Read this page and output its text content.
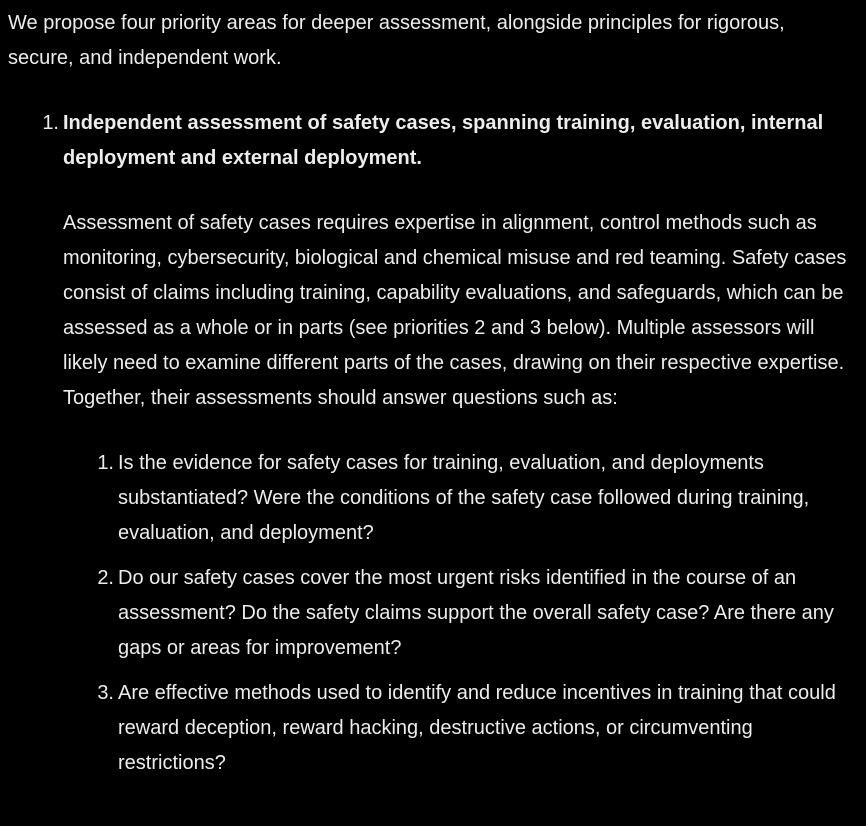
We propose four priority areas for deeper assessment, alongside principles for rigorous, secure, and independent work.

1. Independent assessment of safety cases, spanning training, evaluation, internal deployment and external deployment.

Assessment of safety cases requires expertise in alignment, control methods such as monitoring, cybersecurity, biological and chemical misuse and red teaming. Safety cases consist of claims including training, capability evaluations, and safeguards, which can be assessed as a whole or in parts (see priorities 2 and 3 below). Multiple assessors will likely need to examine different parts of the cases, drawing on their respective expertise. Together, their assessments should answer questions such as:

1. Is the evidence for safety cases for training, evaluation, and deployments substantiated? Were the conditions of the safety case followed during training, evaluation, and deployment?
2. Do our safety cases cover the most urgent risks identified in the course of an assessment? Do the safety claims support the overall safety case? Are there any gaps or areas for improvement?
3. Are effective methods used to identify and reduce incentives in training that could reward deception, reward hacking, destructive actions, or circumventing restrictions?
